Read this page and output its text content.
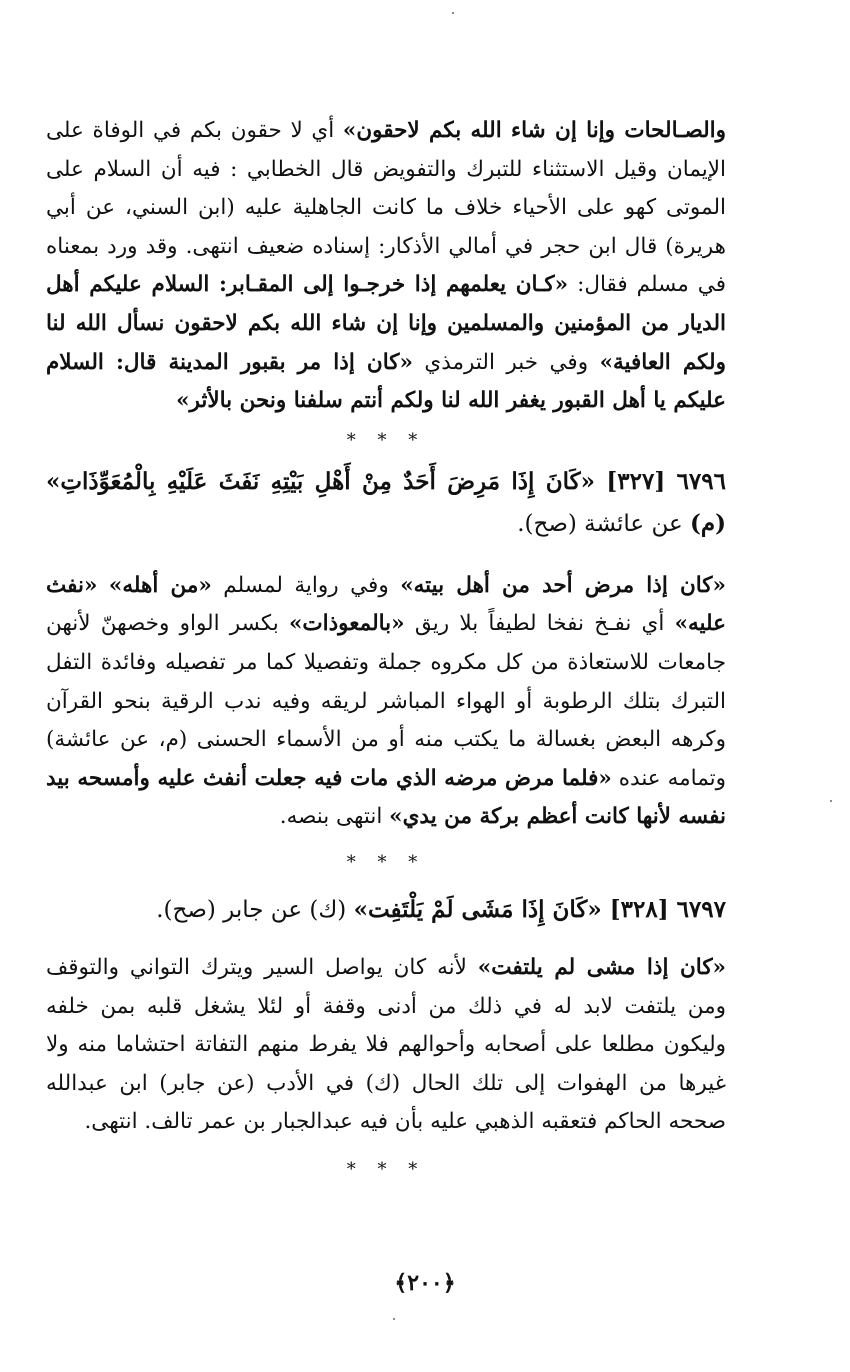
والصـالحات وإنا إن شاء الله بكم لاحقون» أي لا حقون بكم في الوفاة على الإيمان وقيل الاستثناء للتبرك والتفويض قال الخطابي : فيه أن السلام على الموتى كهو على الأحياء خلاف ما كانت الجاهلية عليه (ابن السني، عن أبي هريرة) قال ابن حجر في أمالي الأذكار: إسناده ضعيف انتهى. وقد ورد بمعناه في مسلم فقال: «كـان يعلمهم إذا خرجـوا إلى المقـابر: السلام عليكم أهل الديار من المؤمنين والمسلمين وإنا إن شاء الله بكم لاحقون نسأل الله لنا ولكم العافية» وفي خبر الترمذي «كان إذا مر بقبور المدينة قال: السلام عليكم يا أهل القبور يغفر الله لنا ولكم أنتم سلفنا ونحن بالأثر»

* * *

٦٧٩٦ [٣٢٧] «كَانَ إِذَا مَرِضَ أَحَدٌ مِنْ أَهْلِ بَيْتِهِ نَفَثَ عَلَيْهِ بِالْمُعَوِّذَاتِ» (م) عن عائشة (صح).

«كان إذا مرض أحد من أهل بيته» وفي رواية لمسلم «من أهله» «نفث عليه» أي نفـخ نفخا لطيفاً بلا ريق «بالمعوذات» بكسر الواو وخصهنّ لأنهن جامعات للاستعاذة من كل مكروه جملة وتفصيلا كما مر تفصيله وفائدة التفل التبرك بتلك الرطوبة أو الهواء المباشر لريقه وفيه ندب الرقية بنحو القرآن وكرهه البعض بغسالة ما يكتب منه أو من الأسماء الحسنى (م، عن عائشة) وتمامه عنده «فلما مرض مرضه الذي مات فيه جعلت أنفث عليه وأمسحه بيد نفسه لأنها كانت أعظم بركة من يدي» انتهى بنصه.

* * *

٦٧٩٧ [٣٢٨] «كَانَ إِذَا مَشَى لَمْ يَلْتَفِت» (ك) عن جابر (صح).

«كان إذا مشى لم يلتفت» لأنه كان يواصل السير ويترك التواني والتوقف ومن يلتفت لابد له في ذلك من أدنى وقفة أو لئلا يشغل قلبه بمن خلفه وليكون مطلعا على أصحابه وأحوالهم فلا يفرط منهم التفاتة احتشاما منه ولا غيرها من الهفوات إلى تلك الحال (ك) في الأدب (عن جابر) ابن عبدالله صححه الحاكم فتعقبه الذهبي عليه بأن فيه عبدالجبار بن عمر تالف. انتهى.

* * *

﴿٢٠٠﴾
